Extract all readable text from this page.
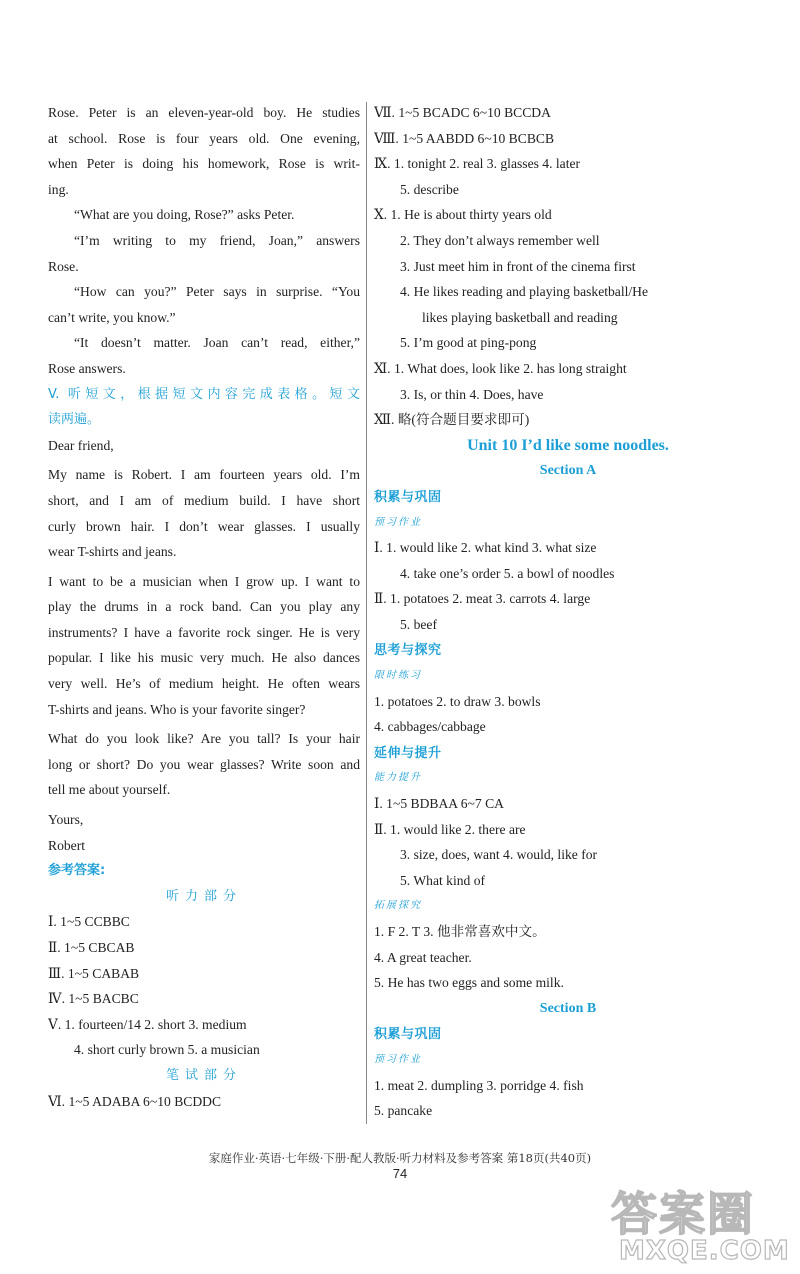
Rose. Peter is an eleven-year-old boy. He studies
at school. Rose is four years old. One evening,
when Peter is doing his homework, Rose is writ-
ing.
“What are you doing, Rose?” asks Peter.
“I’m writing to my friend, Joan,” answers
Rose.
“How can you?” Peter says in surprise. “You
can’t write, you know.”
“It doesn’t matter. Joan can’t read, either,”
Rose answers.
V. 听短文，根据短文内容完成表格。短文
读两遍。
Dear friend,
My name is Robert. I am fourteen years old. I’m
short, and I am of medium build. I have short
curly brown hair. I don’t wear glasses. I usually
wear T-shirts and jeans.
I want to be a musician when I grow up. I want to
play the drums in a rock band. Can you play any
instruments? I have a favorite rock singer. He is very
popular. I like his music very much. He also dances
very well. He’s of medium height. He often wears
T-shirts and jeans. Who is your favorite singer?
What do you look like? Are you tall? Is your hair
long or short? Do you wear glasses? Write soon and
tell me about yourself.
Yours,
Robert
参考答案:
听力部分
Ⅰ. 1~5 CCBBC
Ⅱ. 1~5 CBCAB
Ⅲ. 1~5 CABAB
Ⅳ. 1~5 BACBC
Ⅴ. 1. fourteen/14 2. short 3. medium
4. short curly brown 5. a musician
笔试部分
Ⅵ. 1~5 ADABA 6~10 BCDDC
Ⅶ. 1~5 BCADC 6~10 BCCDA
Ⅷ. 1~5 AABDD 6~10 BCBCB
Ⅸ. 1. tonight 2. real 3. glasses 4. later
5. describe
Ⅹ. 1. He is about thirty years old
2. They don’t always remember well
3. Just meet him in front of the cinema first
4. He likes reading and playing basketball/He
likes playing basketball and reading
5. I’m good at ping-pong
Ⅺ. 1. What does, look like 2. has long straight
3. Is, or thin 4. Does, have
Ⅻ. 略(符合题目要求即可)
Unit 10 I’d like some noodles.
Section A
积累与巩固
预习作业
Ⅰ. 1. would like 2. what kind 3. what size
4. take one’s order 5. a bowl of noodles
Ⅱ. 1. potatoes 2. meat 3. carrots 4. large
5. beef
思考与探究
限时练习
1. potatoes 2. to draw 3. bowls
4. cabbages/cabbage
延伸与提升
能力提升
Ⅰ. 1~5 BDBAA 6~7 CA
Ⅱ. 1. would like 2. there are
3. size, does, want 4. would, like for
5. What kind of
拓展探究
1. F 2. T 3. 他非常喜欢中文。
4. A great teacher.
5. He has two eggs and some milk.
Section B
积累与巩固
预习作业
1. meat 2. dumpling 3. porridge 4. fish
5. pancake
家庭作业·英语·七年级·下册·配人教版·听力材料及参考答案 第18页(共40页)
74
答案圈
MXQE.COM
